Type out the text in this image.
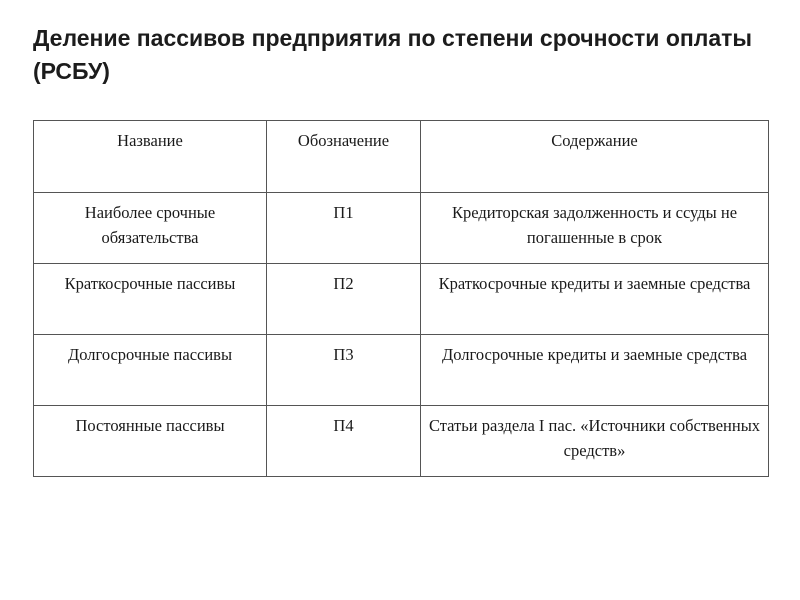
Деление пассивов предприятия по степени срочности оплаты (РСБУ)
Название	Обозначение	Содержание
Наиболее срочные обязательства	П1	Кредиторская задолженность и ссуды не погашенные в срок
Краткосрочные пассивы	П2	Краткосрочные кредиты и заемные средства
Долгосрочные пассивы	П3	Долгосрочные кредиты и заемные средства
Постоянные пассивы	П4	Статьи раздела I пас. «Источники собственных средств»
